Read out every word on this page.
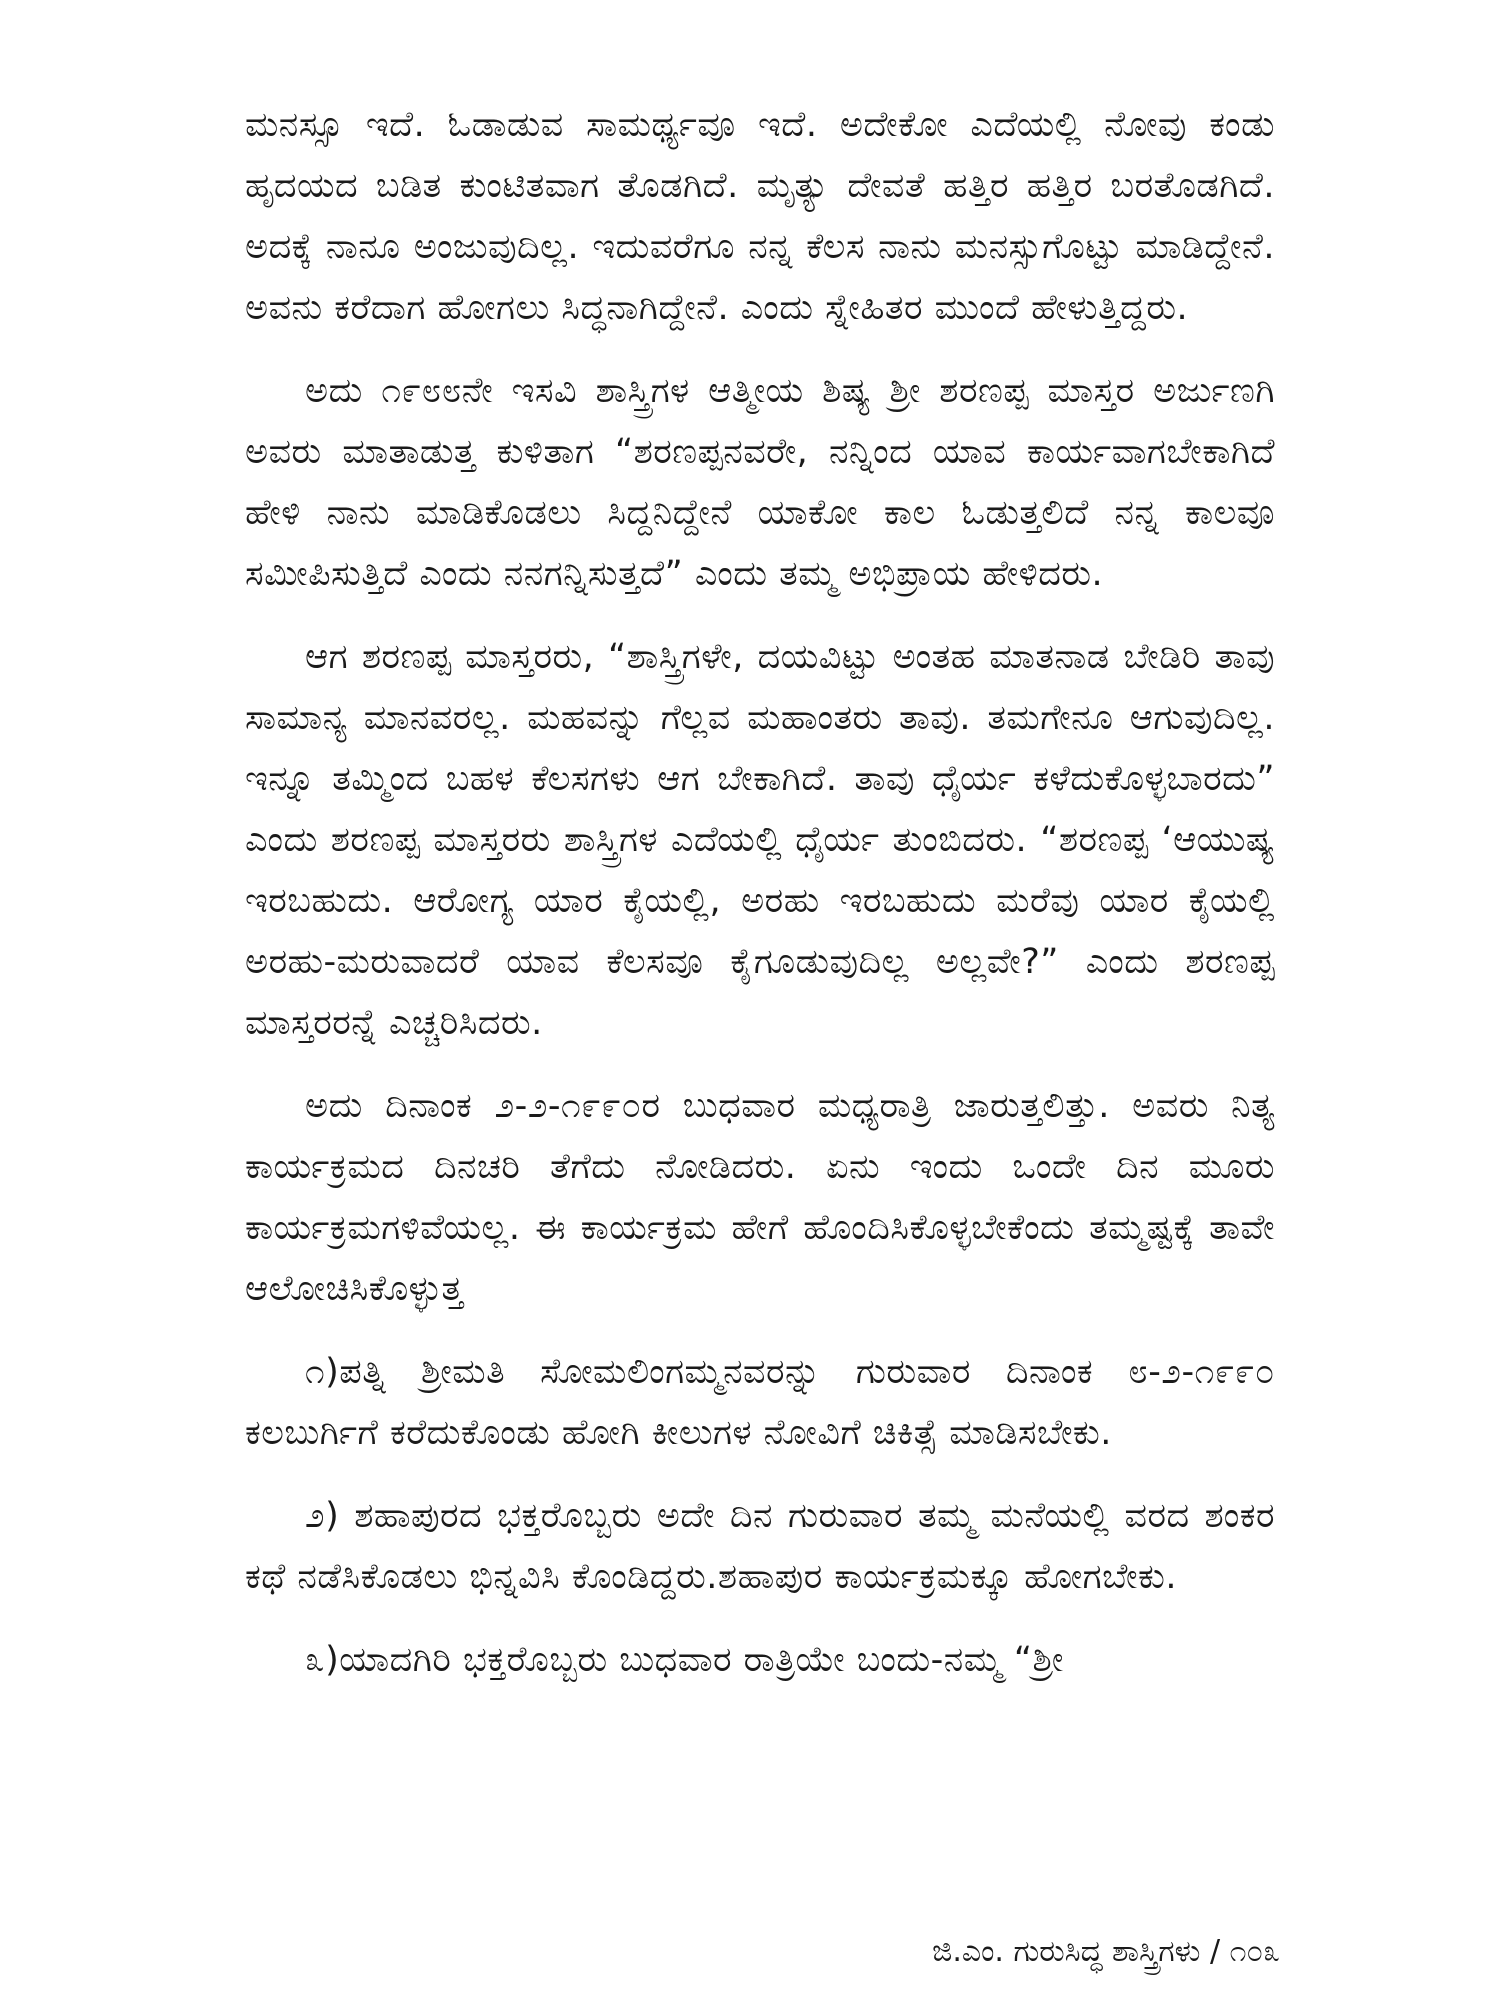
ಮನಸ್ಸೂ ಇದೆ. ಓಡಾಡುವ ಸಾಮರ್ಥ್ಯವೂ ಇದೆ. ಅದೇಕೋ ಎದೆಯಲ್ಲಿ ನೋವು ಕಂಡು ಹೃದಯದ ಬಡಿತ ಕುಂಟಿತವಾಗ ತೊಡಗಿದೆ. ಮೃತ್ಯು ದೇವತೆ ಹತ್ತಿರ ಹತ್ತಿರ ಬರತೊಡಗಿದೆ. ಅದಕ್ಕೆ ನಾನೂ ಅಂಜುವುದಿಲ್ಲ. ಇದುವರೆಗೂ ನನ್ನ ಕೆಲಸ ನಾನು ಮನಸ್ಸುಗೊಟ್ಟು ಮಾಡಿದ್ದೇನೆ. ಅವನು ಕರೆದಾಗ ಹೋಗಲು ಸಿದ್ಧನಾಗಿದ್ದೇನೆ. ಎಂದು ಸ್ನೇಹಿತರ ಮುಂದೆ ಹೇಳುತ್ತಿದ್ದರು.

ಅದು ೧೯೮೮ನೇ ಇಸವಿ ಶಾಸ್ತ್ರಿಗಳ ಆತ್ಮೀಯ ಶಿಷ್ಯ ಶ್ರೀ ಶರಣಪ್ಪ ಮಾಸ್ತರ ಅರ್ಜುಣಗಿ ಅವರು ಮಾತಾಡುತ್ತ ಕುಳಿತಾಗ “ಶರಣಪ್ಪನವರೇ, ನನ್ನಿಂದ ಯಾವ ಕಾರ್ಯವಾಗಬೇಕಾಗಿದೆ ಹೇಳಿ ನಾನು ಮಾಡಿಕೊಡಲು ಸಿದ್ದನಿದ್ದೇನೆ ಯಾಕೋ ಕಾಲ ಓಡುತ್ತಲಿದೆ ನನ್ನ ಕಾಲವೂ ಸಮೀಪಿಸುತ್ತಿದೆ ಎಂದು ನನಗನ್ನಿಸುತ್ತದೆ” ಎಂದು ತಮ್ಮ ಅಭಿಪ್ರಾಯ ಹೇಳಿದರು.

ಆಗ ಶರಣಪ್ಪ ಮಾಸ್ತರರು, “ಶಾಸ್ತ್ರಿಗಳೇ, ದಯವಿಟ್ಟು ಅಂತಹ ಮಾತನಾಡ ಬೇಡಿರಿ ತಾವು ಸಾಮಾನ್ಯ ಮಾನವರಲ್ಲ. ಮಹವನ್ನು ಗೆಲ್ಲವ ಮಹಾಂತರು ತಾವು. ತಮಗೇನೂ ಆಗುವುದಿಲ್ಲ. ಇನ್ನೂ ತಮ್ಮಿಂದ ಬಹಳ ಕೆಲಸಗಳು ಆಗ ಬೇಕಾಗಿದೆ. ತಾವು ಧೈರ್ಯ ಕಳೆದುಕೊಳ್ಳಬಾರದು” ಎಂದು ಶರಣಪ್ಪ ಮಾಸ್ತರರು ಶಾಸ್ತ್ರಿಗಳ ಎದೆಯಲ್ಲಿ ಧೈರ್ಯ ತುಂಬಿದರು. “ಶರಣಪ್ಪ ‘ಆಯುಷ್ಯ ಇರಬಹುದು. ಆರೋಗ್ಯ ಯಾರ ಕೈಯಲ್ಲಿ, ಅರಹು ಇರಬಹುದು ಮರೆವು ಯಾರ ಕೈಯಲ್ಲಿ ಅರಹು-ಮರುವಾದರೆ ಯಾವ ಕೆಲಸವೂ ಕೈಗೂಡುವುದಿಲ್ಲ ಅಲ್ಲವೇ?” ಎಂದು ಶರಣಪ್ಪ ಮಾಸ್ತರರನ್ನೆ ಎಚ್ಚರಿಸಿದರು.

ಅದು ದಿನಾಂಕ ೨-೨-೧೯೯೦ರ ಬುಧವಾರ ಮಧ್ಯರಾತ್ರಿ ಜಾರುತ್ತಲಿತ್ತು. ಅವರು ನಿತ್ಯ ಕಾರ್ಯಕ್ರಮದ ದಿನಚರಿ ತೆಗೆದು ನೋಡಿದರು. ಏನು ಇಂದು ಒಂದೇ ದಿನ ಮೂರು ಕಾರ್ಯಕ್ರಮಗಳಿವೆಯಲ್ಲ. ಈ ಕಾರ್ಯಕ್ರಮ ಹೇಗೆ ಹೊಂದಿಸಿಕೊಳ್ಳಬೇಕೆಂದು ತಮ್ಮಷ್ಟಕ್ಕೆ ತಾವೇ ಆಲೋಚಿಸಿಕೊಳ್ಳುತ್ತ

೧)ಪತ್ನಿ ಶ್ರೀಮತಿ ಸೋಮಲಿಂಗಮ್ಮನವರನ್ನು ಗುರುವಾರ ದಿನಾಂಕ ೮-೨-೧೯೯೦ ಕಲಬುರ್ಗಿಗೆ ಕರೆದುಕೊಂಡು ಹೋಗಿ ಕೀಲುಗಳ ನೋವಿಗೆ ಚಿಕಿತ್ಸೆ ಮಾಡಿಸಬೇಕು.

೨) ಶಹಾಪುರದ ಭಕ್ತರೊಬ್ಬರು ಅದೇ ದಿನ ಗುರುವಾರ ತಮ್ಮ ಮನೆಯಲ್ಲಿ ವರದ ಶಂಕರ ಕಥೆ ನಡೆಸಿಕೊಡಲು ಭಿನ್ನವಿಸಿ ಕೊಂಡಿದ್ದರು.ಶಹಾಪುರ ಕಾರ್ಯಕ್ರಮಕ್ಕೂ ಹೋಗಬೇಕು.

೩)ಯಾದಗಿರಿ ಭಕ್ತರೊಬ್ಬರು ಬುಧವಾರ ರಾತ್ರಿಯೇ ಬಂದು-ನಮ್ಮ “ಶ್ರೀ

ಜಿ.ಎಂ. ಗುರುಸಿದ್ಧ ಶಾಸ್ತ್ರಿಗಳು / ೧೦೩
